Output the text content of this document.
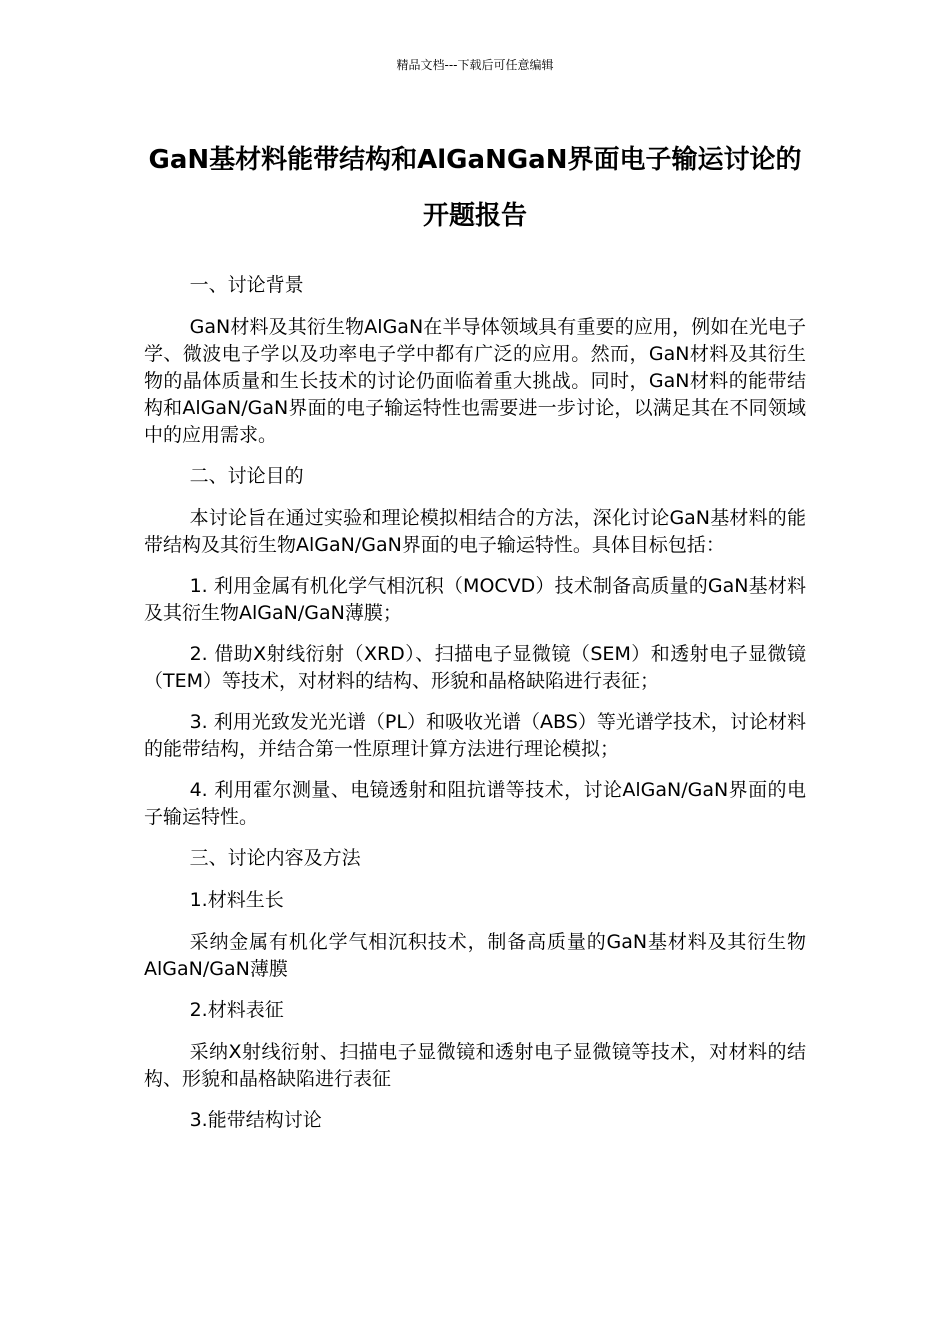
精品文档---下载后可任意编辑
GaN基材料能带结构和AlGaNGaN界面电子输运讨论的开题报告

一、讨论背景

GaN材料及其衍生物AlGaN在半导体领域具有重要的应用，例如在光电子学、微波电子学以及功率电子学中都有广泛的应用。然而，GaN材料及其衍生物的晶体质量和生长技术的讨论仍面临着重大挑战。同时，GaN材料的能带结构和AlGaN/GaN界面的电子输运特性也需要进一步讨论，以满足其在不同领域中的应用需求。

二、讨论目的

本讨论旨在通过实验和理论模拟相结合的方法，深化讨论GaN基材料的能带结构及其衍生物AlGaN/GaN界面的电子输运特性。具体目标包括：

1. 利用金属有机化学气相沉积（MOCVD）技术制备高质量的GaN基材料及其衍生物AlGaN/GaN薄膜；

2. 借助X射线衍射（XRD）、扫描电子显微镜（SEM）和透射电子显微镜（TEM）等技术，对材料的结构、形貌和晶格缺陷进行表征；

3. 利用光致发光光谱（PL）和吸收光谱（ABS）等光谱学技术，讨论材料的能带结构，并结合第一性原理计算方法进行理论模拟；

4. 利用霍尔测量、电镜透射和阻抗谱等技术，讨论AlGaN/GaN界面的电子输运特性。

三、讨论内容及方法

1.材料生长

采纳金属有机化学气相沉积技术，制备高质量的GaN基材料及其衍生物AlGaN/GaN薄膜

2.材料表征

采纳X射线衍射、扫描电子显微镜和透射电子显微镜等技术，对材料的结构、形貌和晶格缺陷进行表征

3.能带结构讨论
